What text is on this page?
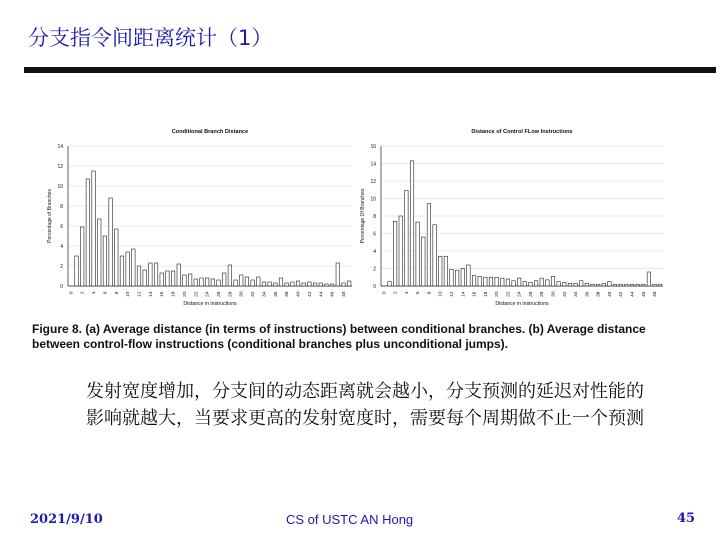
分支指令间距离统计（1）
Conditional Branch Distance
0
2
4
6
8
10
12
14
0 2 4 6 8 10 12 14 16 18 20 22 24 26 28 30 32 34 36 38 40 42 44 46 48
Distance in instructions
Percentage of Branches
Distance of Control FLow Instructions
0
2
4
6
8
10
12
14
16
0 2 4 6 8 10 12 14 16 18 20 22 24 26 28 30 32 34 36 38 40 42 44 46 48
Distance in instructions
Percentage Of Branches
Figure 8. (a) Average distance (in terms of instructions) between conditional branches. (b) Average distance between control-flow instructions (conditional branches plus unconditional jumps).
发射宽度增加，分支间的动态距离就会越小，分支预测的延迟对性能的影响就越大，当要求更高的发射宽度时，需要每个周期做不止一个预测
2021/9/10	CS of USTC AN Hong	45
